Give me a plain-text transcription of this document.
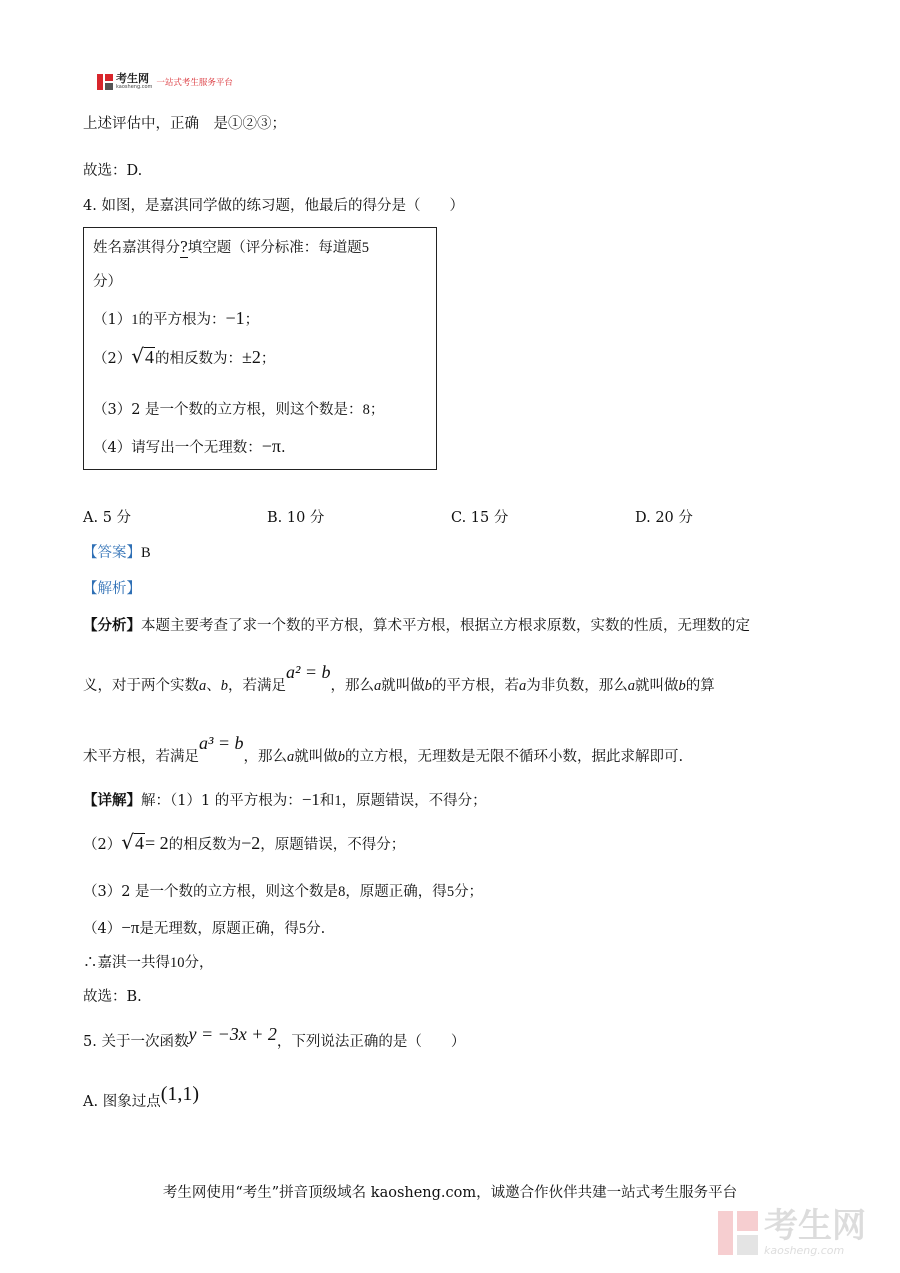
考生网
kaosheng.com 一站式考生服务平台
上述评估中，正确　是①②③；
故选：D.
4. 如图，是嘉淇同学做的练习题，他最后的得分是（　　）
姓名嘉淇得分?填空题（评分标准：每道题5
分）
（1）1的平方根为：−1；
（2）√4的相反数为：±2；
（3）2 是一个数的立方根，则这个数是：8；
（4）请写出一个无理数：−π.
A. 5 分	B. 10 分	C. 15 分	D. 20 分
【答案】B
【解析】
【分析】本题主要考查了求一个数的平方根，算术平方根，根据立方根求原数，实数的性质，无理数的定
义，对于两个实数a、b，若满足a² = b，那么a就叫做b的平方根，若a为非负数，那么a就叫做b的算
术平方根，若满足a³ = b，那么a就叫做b的立方根，无理数是无限不循环小数，据此求解即可.
【详解】解：（1）1 的平方根为：−1和1，原题错误，不得分；
（2）√4= 2的相反数为−2，原题错误，不得分；
（3）2 是一个数的立方根，则这个数是8，原题正确，得5分；
（4）−π是无理数，原题正确，得5分.
∴嘉淇一共得10分，
故选：B.
5. 关于一次函数y = −3x + 2，下列说法正确的是（　　）
A. 图象过点(1,1)
考生网使用“考生”拼音顶级域名 kaosheng.com，诚邀合作伙伴共建一站式考生服务平台
考生网
kaosheng.com
